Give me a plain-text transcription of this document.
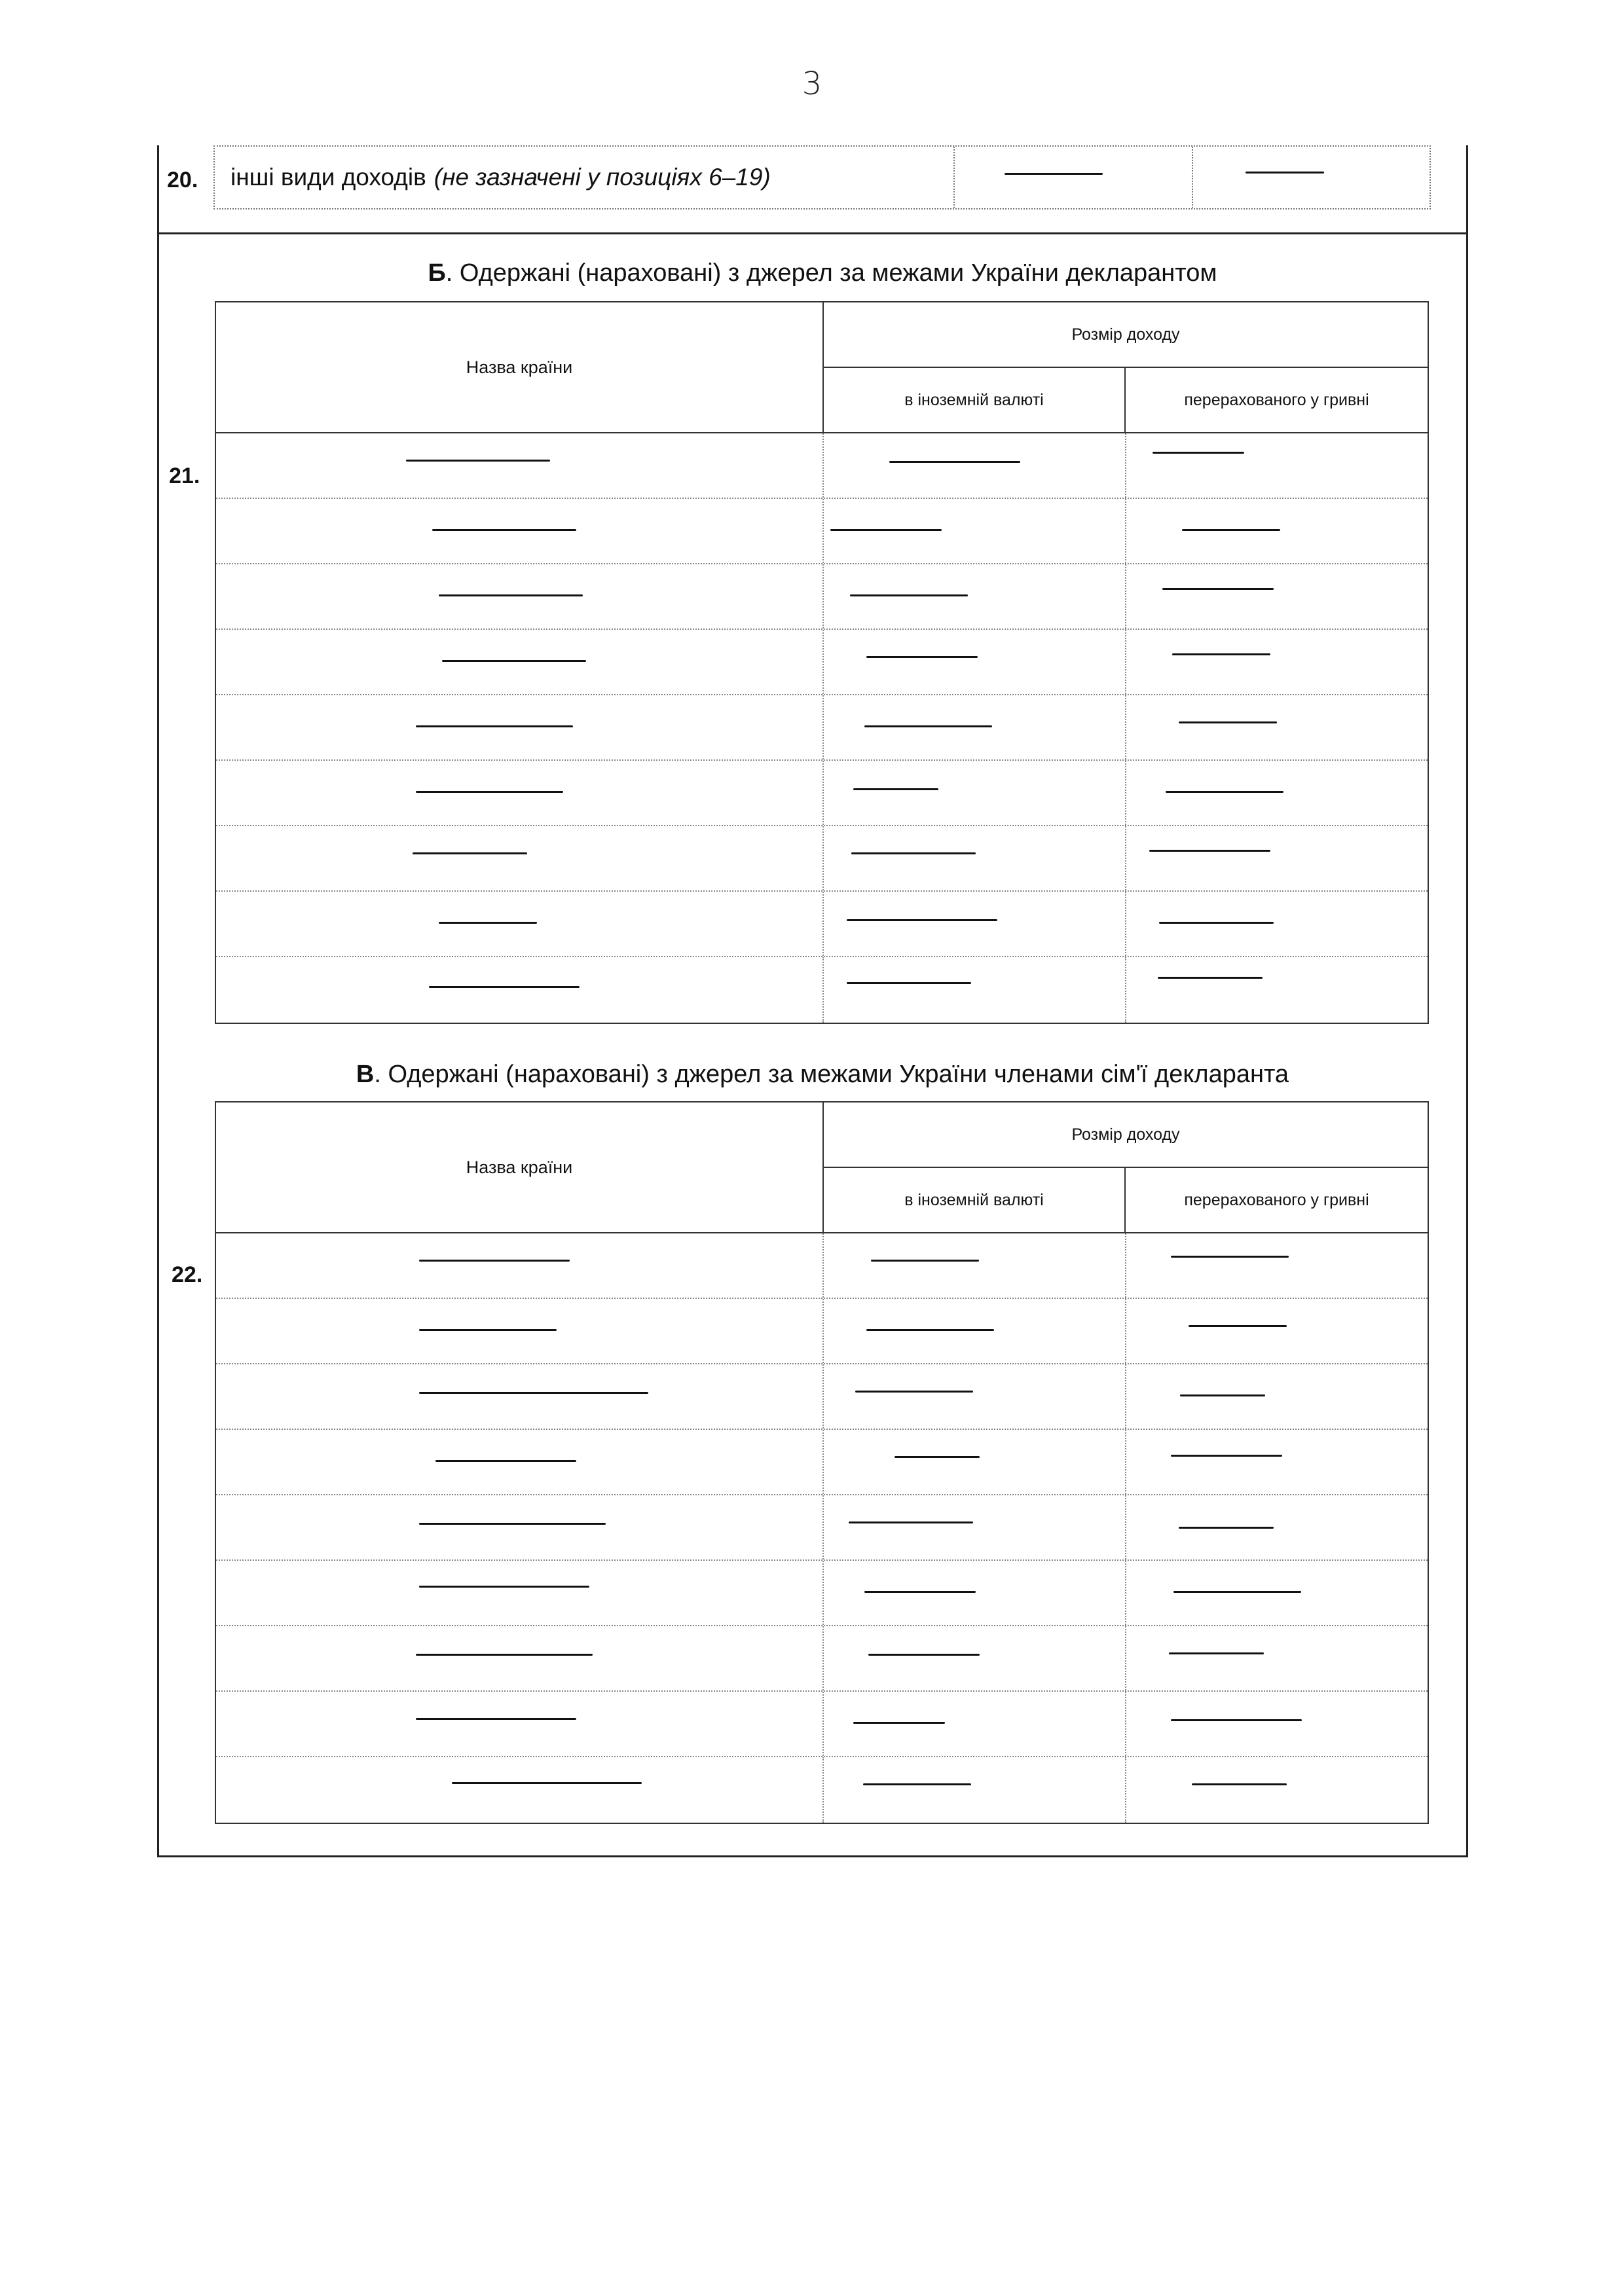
3
20. інші види доходів (не зазначені у позиціях 6–19)
Б. Одержані (нараховані) з джерел за межами України декларантом
21.
Назва країни
Розмір доходу
в іноземній валюті	перерахованого у гривні
В. Одержані (нараховані) з джерел за межами України членами сім'ї декларанта
22.
Назва країни
Розмір доходу
в іноземній валюті	перерахованого у гривні
